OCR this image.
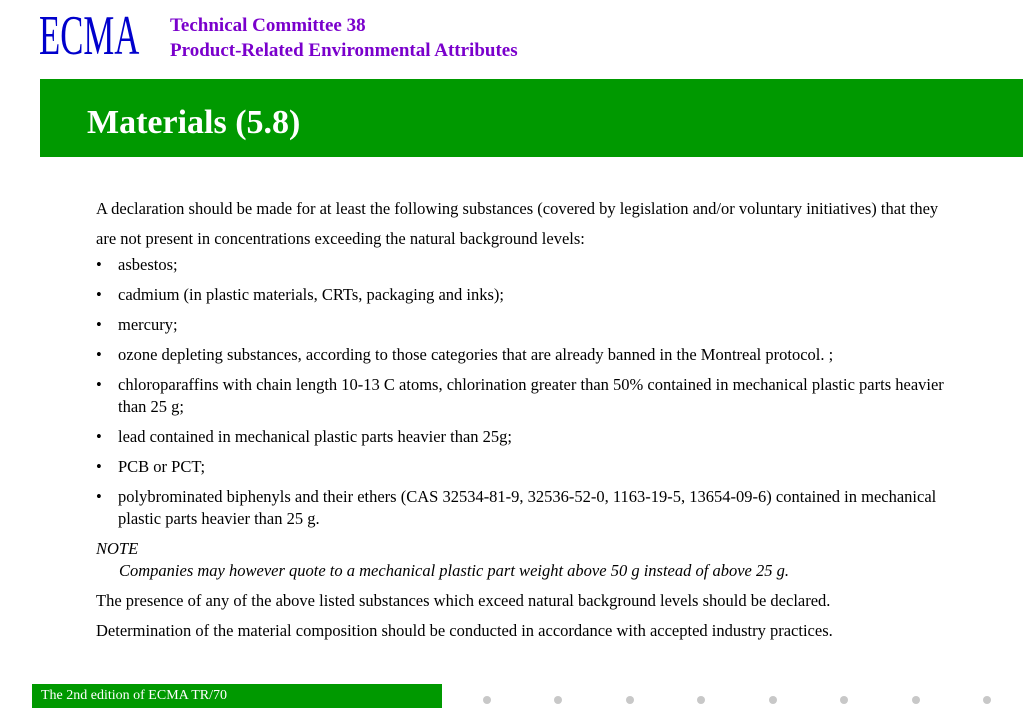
ECMA Technical Committee 38
Product-Related Environmental Attributes
Materials (5.8)

A declaration should be made for at least the following substances (covered by legislation and/or voluntary initiatives) that they are not present in concentrations exceeding the natural background levels:

• asbestos;
• cadmium (in plastic materials, CRTs, packaging and inks);
• mercury;
• ozone depleting substances, according to those categories that are already banned in the Montreal protocol. ;
• chloroparaffins with chain length 10-13 C atoms, chlorination greater than 50% contained in mechanical plastic parts heavier than 25 g;
• lead contained in mechanical plastic parts heavier than 25g;
• PCB or PCT;
• polybrominated biphenyls and their ethers (CAS 32534-81-9, 32536-52-0, 1163-19-5, 13654-09-6) contained in mechanical plastic parts heavier than 25 g.

NOTE

Companies may however quote to a mechanical plastic part weight above 50 g instead of above 25 g.

The presence of any of the above listed substances which exceed natural background levels should be declared.

Determination of the material composition should be conducted in accordance with accepted industry practices.

The 2nd edition of ECMA TR/70
